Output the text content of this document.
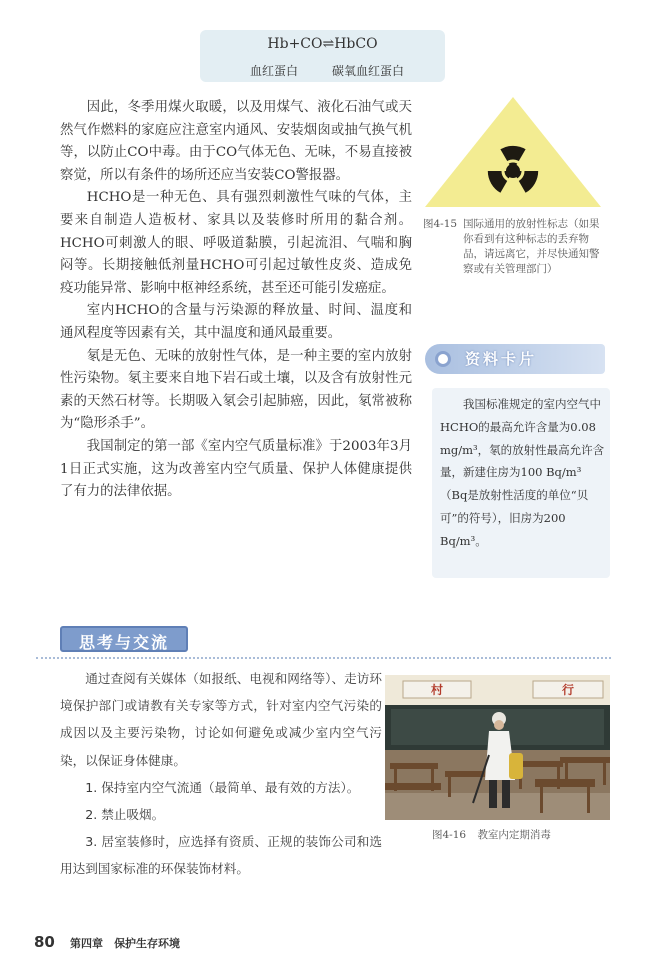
Hb+CO⇌HbCO
血红蛋白	碳氧血红蛋白

因此，冬季用煤火取暖，以及用煤气、液化石油气或天然气作燃料的家庭应注意室内通风、安装烟囱或抽气换气机等，以防止CO中毒。由于CO气体无色、无味，不易直接被察觉，所以有条件的场所还应当安装CO警报器。

HCHO是一种无色、具有强烈刺激性气味的气体，主要来自制造人造板材、家具以及装修时所用的黏合剂。HCHO可刺激人的眼、呼吸道黏膜，引起流泪、气喘和胸闷等。长期接触低剂量HCHO可引起过敏性皮炎、造成免疫功能异常、影响中枢神经系统，甚至还可能引发癌症。

室内HCHO的含量与污染源的释放量、时间、温度和通风程度等因素有关，其中温度和通风最重要。

氡是无色、无味的放射性气体，是一种主要的室内放射性污染物。氡主要来自地下岩石或土壤，以及含有放射性元素的天然石材等。长期吸入氡会引起肺癌，因此，氡常被称为“隐形杀手”。

我国制定的第一部《室内空气质量标准》于2003年3月1日正式实施，这为改善室内空气质量、保护人体健康提供了有力的法律依据。

图4-15 国际通用的放射性标志（如果你看到有这种标志的丢弃物品，请远离它，并尽快通知警察或有关管理部门）
资料卡片

我国标准规定的室内空气中HCHO的最高允许含量为0.08 mg/m³，氡的放射性最高允许含量，新建住房为100 Bq/m³（Bq是放射性活度的单位“贝可”的符号），旧房为200 Bq/m³。

思考与交流

通过查阅有关媒体（如报纸、电视和网络等）、走访环境保护部门或请教有关专家等方式，针对室内空气污染的成因以及主要污染物，讨论如何避免或减少室内空气污染，以保证身体健康。

1. 保持室内空气流通（最简单、最有效的方法）。

2. 禁止吸烟。

3. 居室装修时，应选择有资质、正规的装饰公司和选用达到国家标准的环保装饰材料。

村	行
图4-16 教室内定期消毒
80 第四章 保护生存环境
